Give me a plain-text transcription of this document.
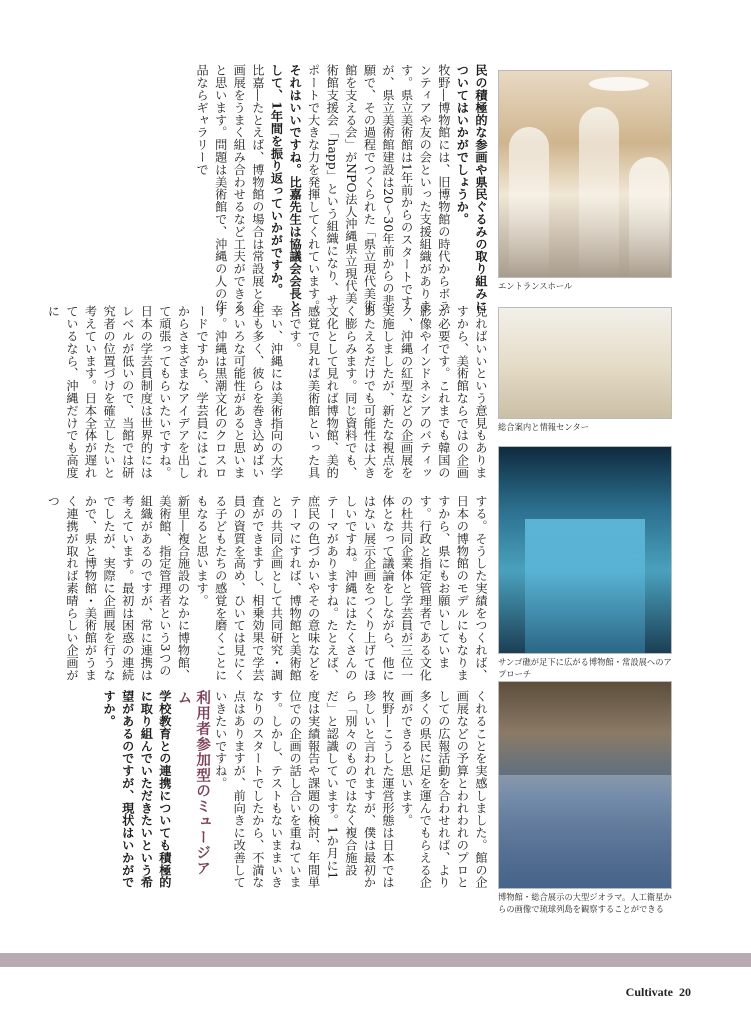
民の積極的な参画や県民ぐるみの取り組みについてはいかがでしょうか。

牧野―博物館には、旧博物館の時代からボランティアや友の会といった支援組織があります。県立美術館は1年前からのスタートですが、県立美術館建設は20～30年前からの悲願で、その過程でつくられた「県立現代美術館を支える会」がNPO法人沖縄県立現代美術館支援会「happ」という組織になり、サポートで大きな力を発揮してくれています。

それはいいですね。比嘉先生は協議会会長として、1年間を振り返っていかがですか。

比嘉―たとえば、博物館の場合は常設展と企画展をうまく組み合わせるなど工夫ができると思います。問題は美術館で、沖縄の人の作品ならギャラリーで

見ればいいという意見もありますから、美術館ならではの企画が必要です。これまでも韓国の影像やインドネシアのバティック、沖縄の紅型などの企画展を実施しましたが、新たな視点をあたえるだけでも可能性は大きく膨らみます。同じ資料でも、文化として見れば博物館、美的感覚で見れば美術館といった具合です。

幸い、沖縄には美術指向の大学生も多く、彼らを巻き込めばいろいろな可能性があると思います。沖縄は黒潮文化のクロスロードですから、学芸員にはこれからさまざまなアイデアを出して頑張ってもらいたいですね。

日本の学芸員制度は世界的にはレベルが低いので、当館では研究者の位置づけを確立したいと考えています。日本全体が遅れているなら、沖縄だけでも高度に

する。そうした実績をつくれば、日本の博物館のモデルにもなりますから、県にもお願いしています。行政と指定管理者である文化の杜共同企業体と学芸員が三位一体となって議論をしながら、他にはない展示企画をつくり上げてほしいですね。沖縄にはたくさんのテーマがありますね。たとえば、庶民の色づかいやその意味などをテーマにすれば、博物館と美術館との共同企画として共同研究・調査ができますし、相乗効果で学芸員の資質を高め、ひいては見にくる子どもたちの感覚を磨くことにもなると思います。

新里―複合施設のなかに博物館、美術館、指定管理者という3つの組織があるのですが、常に連携は考えています。最初は困惑の連続でしたが、実際に企画展を行うなかで、県と博物館・美術館がうまく連携が取れば素晴らしい企画がつ

くれることを実感しました。館の企画展などの予算とわれわれのプロとしての広報活動を合わせれば、より多くの県民に足を運んでもらえる企画ができると思います。

牧野―こうした運営形態は日本では珍しいと言われますが、僕は最初から「別々のものではなく複合施設だ」と認識しています。1か月に1度は実績報告や課題の検討、年間単位での企画の話し合いを重ねています。しかし、テストもないままいきなりのスタートでしたから、不満な点はありますが、前向きに改善していきたいですね。

利用者参加型のミュージアム

学校教育との連携についても積極的に取り組んでいただきたいという希望があるのですが、現状はいかがですか。

エントランスホール
総合案内と情報センター
サンゴ礁が足下に広がる博物館・常設展へのアプローチ
博物館・総合展示の大型ジオラマ。人工衛星からの画像で琉球列島を観察することができる
Cultivate 20
